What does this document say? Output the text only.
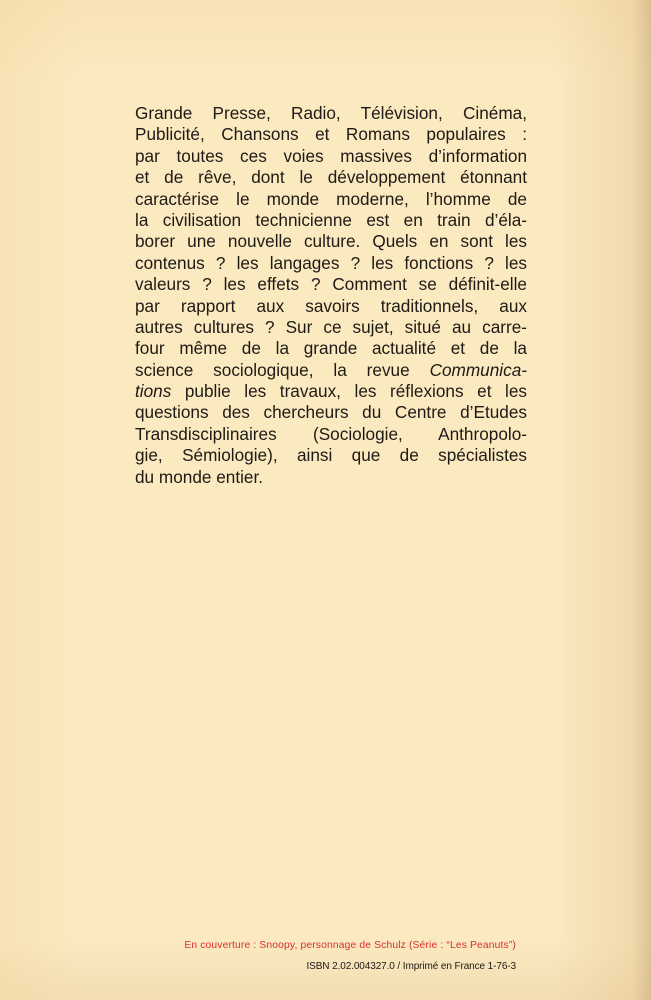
Grande Presse, Radio, Télévision, Cinéma,
Publicité, Chansons et Romans populaires :
par toutes ces voies massives d’information
et de rêve, dont le développement étonnant
caractérise le monde moderne, l’homme de
la civilisation technicienne est en train d’éla-
borer une nouvelle culture. Quels en sont les
contenus ? les langages ? les fonctions ? les
valeurs ? les effets ? Comment se définit-elle
par rapport aux savoirs traditionnels, aux
autres cultures ? Sur ce sujet, situé au carre-
four même de la grande actualité et de la
science sociologique, la revue Communica-
tions publie les travaux, les réflexions et les
questions des chercheurs du Centre d’Etudes
Transdisciplinaires (Sociologie, Anthropolo-
gie, Sémiologie), ainsi que de spécialistes
du monde entier.
En couverture : Snoopy, personnage de Schulz (Série : “Les Peanuts”)
ISBN 2.02.004327.0 / Imprimé en France 1-76-3
